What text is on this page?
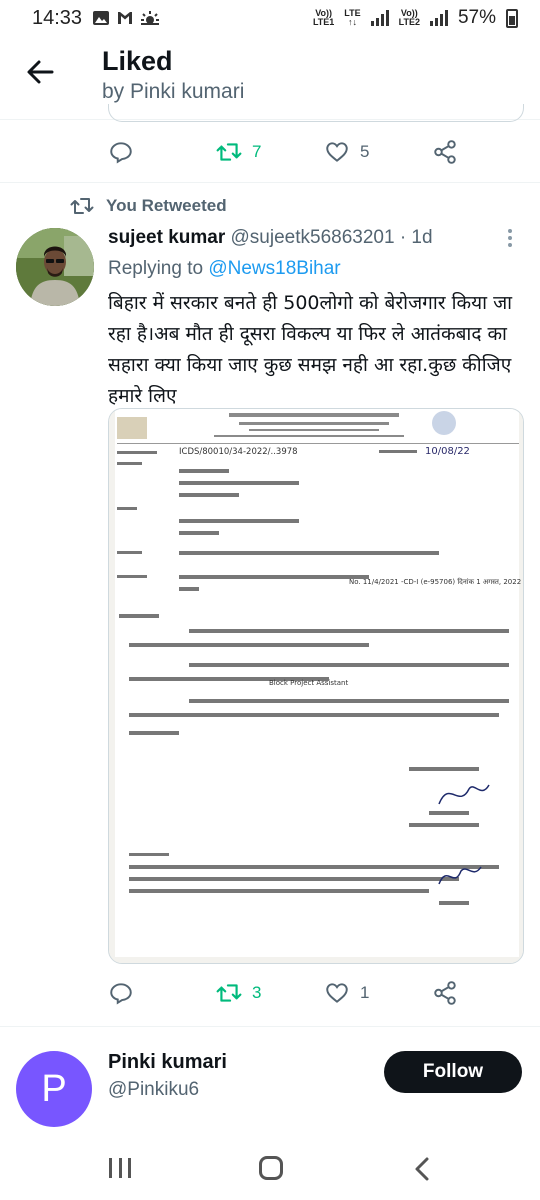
14:33	Vo))
LTE1
LTE
↑↓
Vo))
LTE2 57%
Liked
by Pinki kumari
7	5
You Retweeted
sujeet kumar @sujeetk56863201 · 1d
Replying to @News18Bihar
बिहार में सरकार बनते ही 500लोगो को बेरोजगार किया जा रहा है।अब मौत ही दूसरा विकल्प या फिर ले आतंकबाद का सहारा क्या किया जाए कुछ समझ नही आ रहा.कुछ कीजिए हमारे लिए
ICDS/80010/34-2022/..3978	10/08/22
No. 11/4/2021 -CD-I (e-95706) दिनांक 1 अगस्त, 2022
Block Project Assistant
3	1
P
Pinki kumari
@Pinkiku6
Follow
